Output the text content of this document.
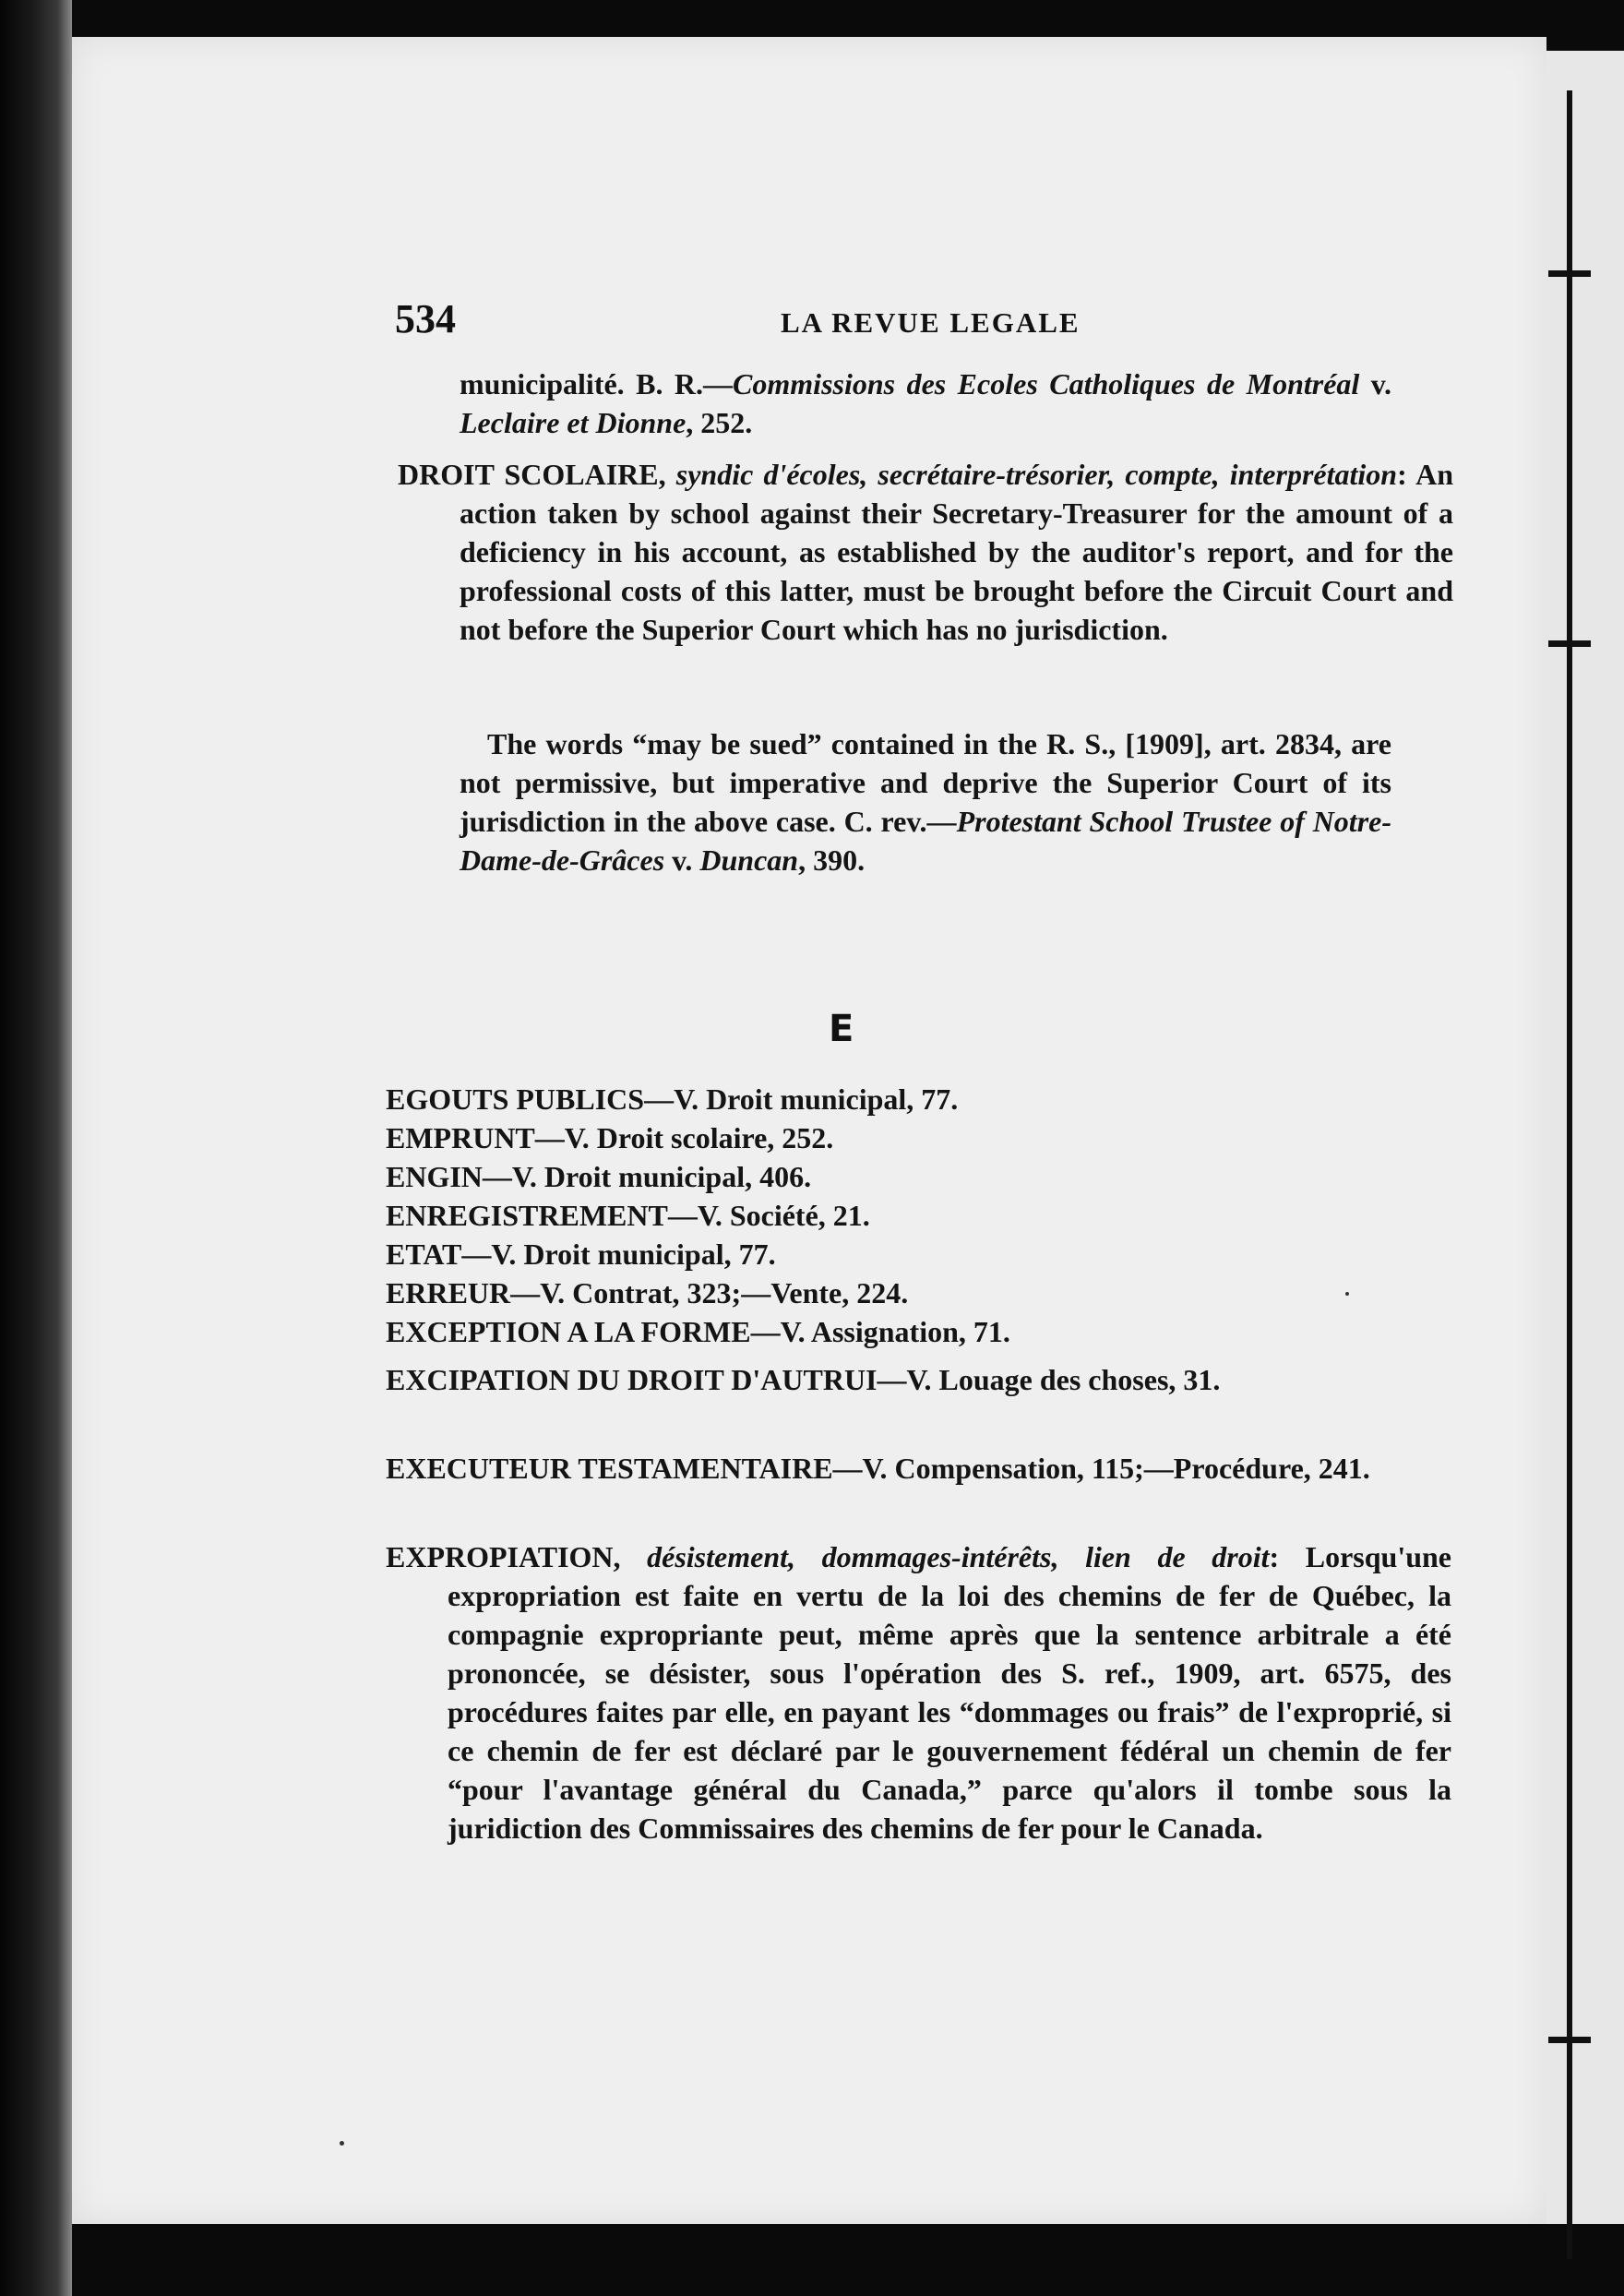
534	LA REVUE LEGALE
municipalité. B. R.—Commissions des Ecoles Catholiques de Montréal v. Leclaire et Dionne, 252.
DROIT SCOLAIRE, syndic d'écoles, secrétaire-trésorier, compte, interprétation: An action taken by school against their Secretary-Treasurer for the amount of a deficiency in his account, as established by the auditor's report, and for the professional costs of this latter, must be brought before the Circuit Court and not before the Superior Court which has no jurisdiction.
The words “may be sued” contained in the R. S., [1909], art. 2834, are not permissive, but imperative and deprive the Superior Court of its jurisdiction in the above case. C. rev.—Protestant School Trustee of Notre-Dame-de-Grâces v. Duncan, 390.
E
EGOUTS PUBLICS—V. Droit municipal, 77.
EMPRUNT—V. Droit scolaire, 252.
ENGIN—V. Droit municipal, 406.
ENREGISTREMENT—V. Société, 21.
ETAT—V. Droit municipal, 77.
ERREUR—V. Contrat, 323;—Vente, 224.
EXCEPTION A LA FORME—V. Assignation, 71.
EXCIPATION DU DROIT D'AUTRUI—V. Louage des choses, 31.
EXECUTEUR TESTAMENTAIRE—V. Compensation, 115;—Procédure, 241.
EXPROPIATION, désistement, dommages-intérêts, lien de droit: Lorsqu'une expropriation est faite en vertu de la loi des chemins de fer de Québec, la compagnie expropriante peut, même après que la sentence arbitrale a été prononcée, se désister, sous l'opération des S. ref., 1909, art. 6575, des procédures faites par elle, en payant les “dommages ou frais” de l'exproprié, si ce chemin de fer est déclaré par le gouvernement fédéral un chemin de fer “pour l'avantage général du Canada,” parce qu'alors il tombe sous la juridiction des Commissaires des chemins de fer pour le Canada.
